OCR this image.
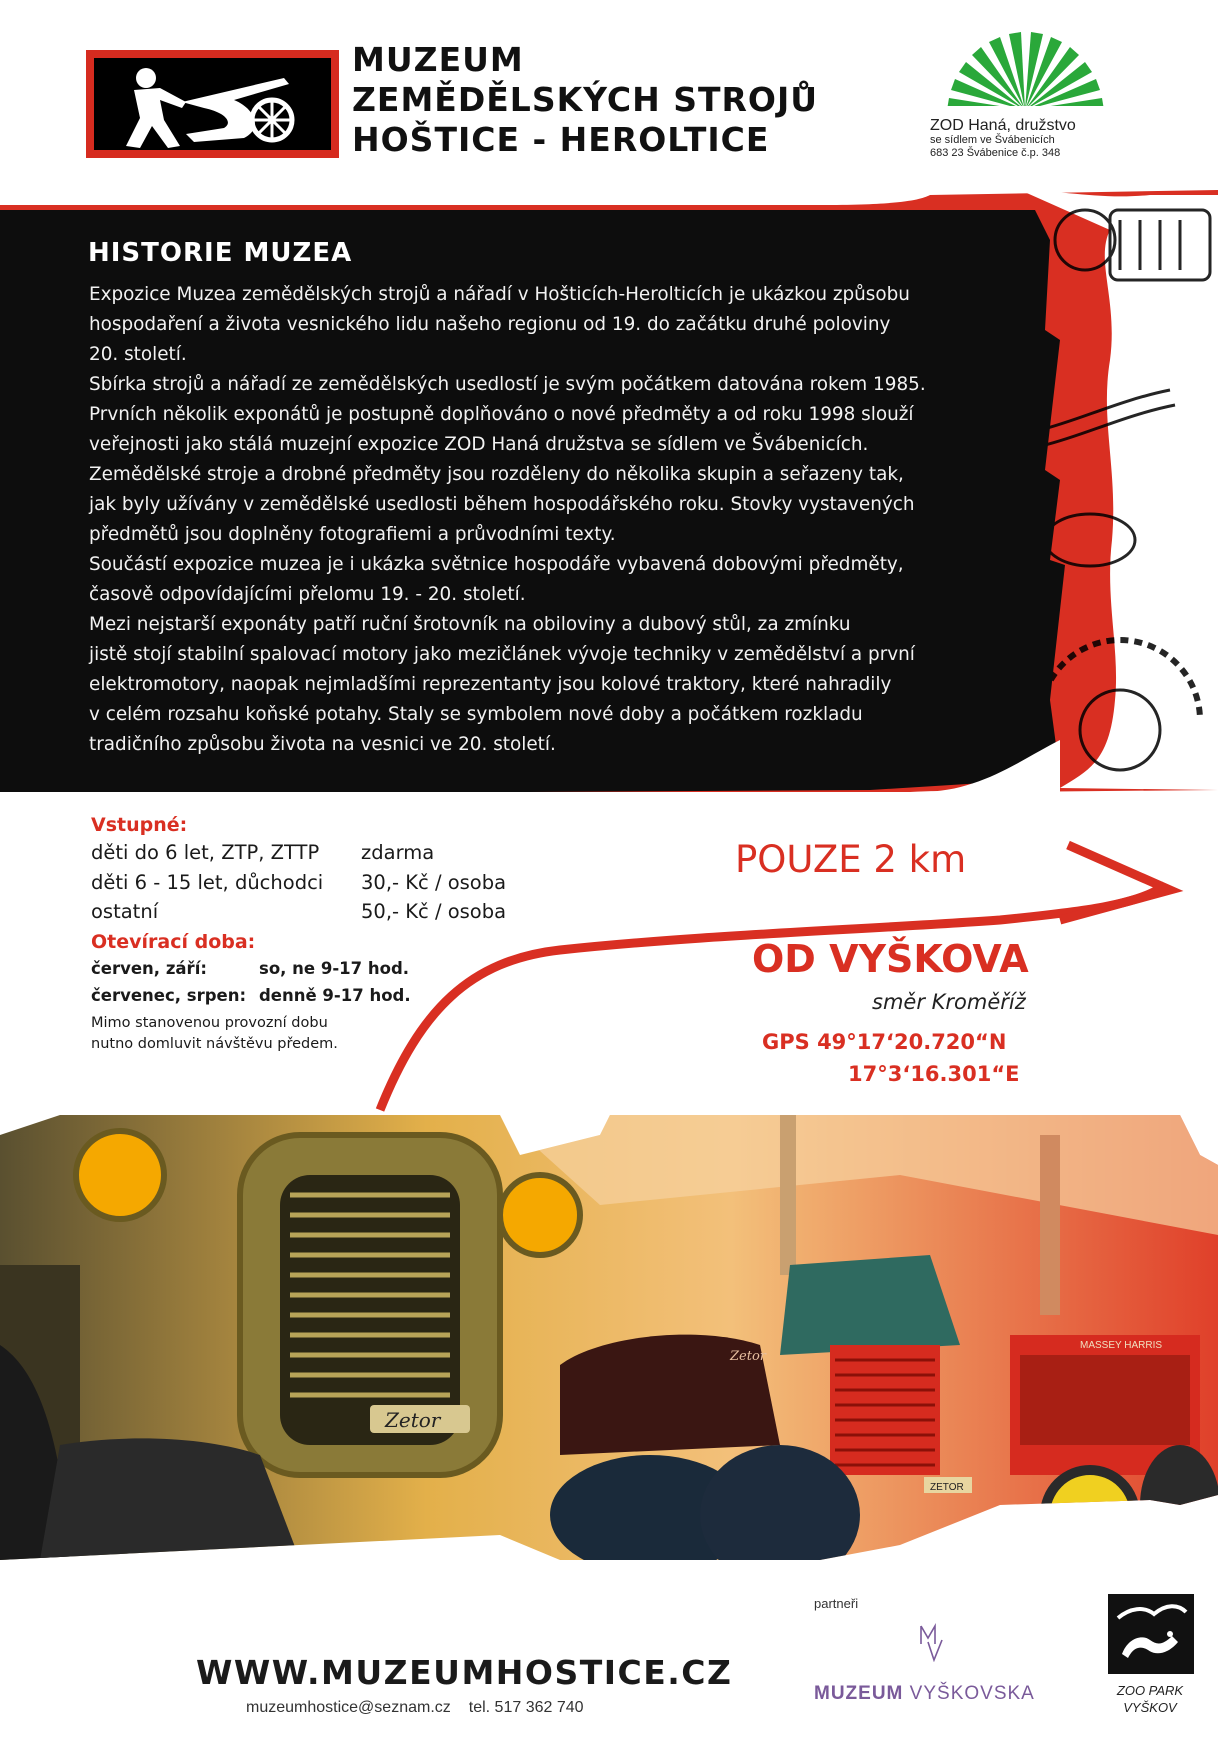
MUZEUM
ZEMĚDĚLSKÝCH STROJŮ
HOŠTICE - HEROLTICE	ZOD Haná, družstvo
se sídlem ve Švábenicích
683 23 Švábenice č.p. 348
HISTORIE MUZEA
Expozice Muzea zemědělských strojů a nářadí v Hošticích-Herolticích je ukázkou způsobu
hospodaření a života vesnického lidu našeho regionu od 19. do začátku druhé poloviny
20. století.
Sbírka strojů a nářadí ze zemědělských usedlostí je svým počátkem datována rokem 1985.
Prvních několik exponátů je postupně doplňováno o nové předměty a od roku 1998 slouží
veřejnosti jako stálá muzejní expozice ZOD Haná družstva se sídlem ve Švábenicích.
Zemědělské stroje a drobné předměty jsou rozděleny do několika skupin a seřazeny tak,
jak byly užívány v zemědělské usedlosti během hospodářského roku. Stovky vystavených
předmětů jsou doplněny fotografiemi a průvodními texty.
Součástí expozice muzea je i ukázka světnice hospodáře vybavená dobovými předměty,
časově odpovídajícími přelomu 19. - 20. století.
Mezi nejstarší exponáty patří ruční šrotovník na obiloviny a dubový stůl, za zmínku
jistě stojí stabilní spalovací motory jako mezičlánek vývoje techniky v zemědělství a první
elektromotory, naopak nejmladšími reprezentanty jsou kolové traktory, které nahradily
v celém rozsahu koňské potahy. Staly se symbolem nové doby a počátkem rozkladu
tradičního způsobu života na vesnici ve 20. století.
Vstupné:
děti do 6 let, ZTP, ZTTP zdarma
děti 6 - 15 let, důchodci 30,- Kč / osoba
ostatní	50,- Kč / osoba
Otevírací doba:
červen, září:	so, ne 9-17 hod.
červenec, srpen: denně 9-17 hod.
Mimo stanovenou provozní dobu
nutno domluvit návštěvu předem.
POUZE 2 km
OD VYŠKOVA
směr Kroměříž
GPS 49°17‘20.720“N
17°3‘16.301“E
Zetor
ZETOR
Zetor
MASSEY HARRIS
WWW.MUZEUMHOSTICE.CZ
muzeumhostice@seznam.cz tel. 517 362 740
partneři
MUZEUM VYŠKOVSKA	ZOO PARK
VYŠKOV
